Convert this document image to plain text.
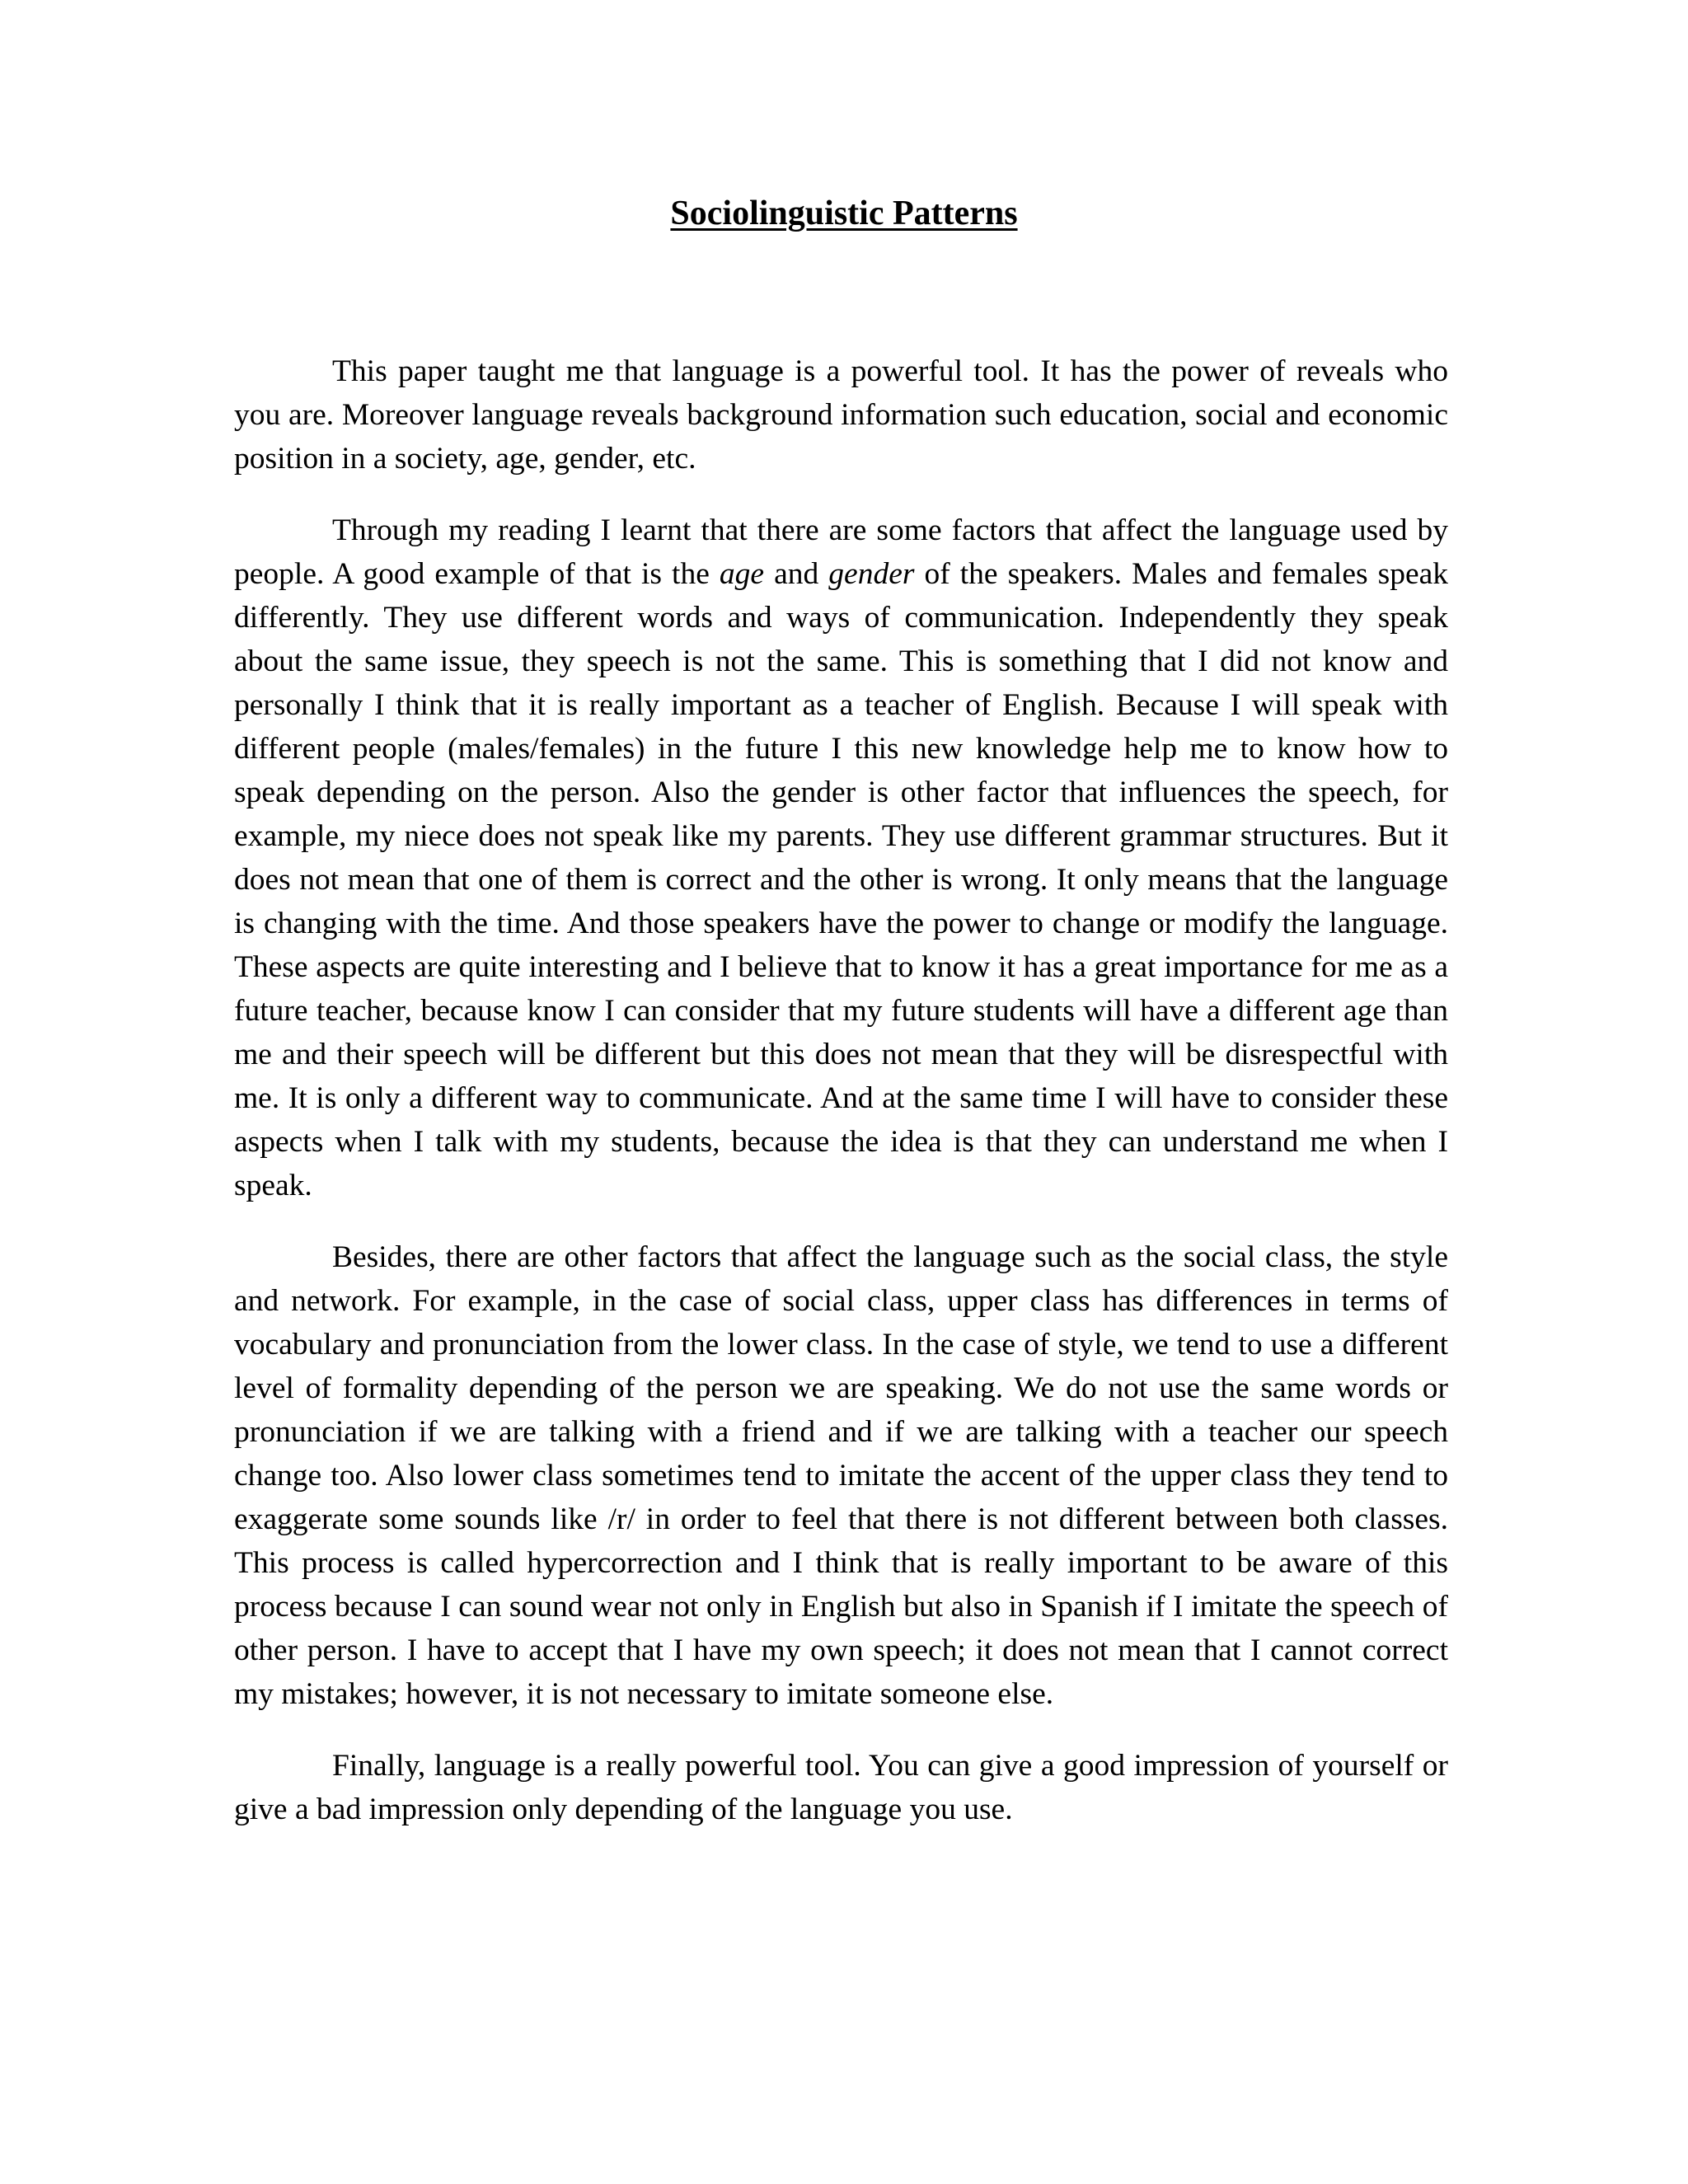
Sociolinguistic Patterns

This paper taught me that language is a powerful tool. It has the power of reveals who you are. Moreover language reveals background information such education, social and economic position in a society, age, gender, etc.

Through my reading I learnt that there are some factors that affect the language used by people. A good example of that is the age and gender of the speakers. Males and females speak differently. They use different words and ways of communication. Independently they speak about the same issue, they speech is not the same. This is something that I did not know and personally I think that it is really important as a teacher of English. Because I will speak with different people (males/females) in the future I this new knowledge help me to know how to speak depending on the person. Also the gender is other factor that influences the speech, for example, my niece does not speak like my parents. They use different grammar structures. But it does not mean that one of them is correct and the other is wrong. It only means that the language is changing with the time. And those speakers have the power to change or modify the language. These aspects are quite interesting and I believe that to know it has a great importance for me as a future teacher, because know I can consider that my future students will have a different age than me and their speech will be different but this does not mean that they will be disrespectful with me. It is only a different way to communicate. And at the same time I will have to consider these aspects when I talk with my students, because the idea is that they can understand me when I speak.

Besides, there are other factors that affect the language such as the social class, the style and network. For example, in the case of social class, upper class has differences in terms of vocabulary and pronunciation from the lower class. In the case of style, we tend to use a different level of formality depending of the person we are speaking. We do not use the same words or pronunciation if we are talking with a friend and if we are talking with a teacher our speech change too. Also lower class sometimes tend to imitate the accent of the upper class they tend to exaggerate some sounds like /r/ in order to feel that there is not different between both classes. This process is called hypercorrection and I think that is really important to be aware of this process because I can sound wear not only in English but also in Spanish if I imitate the speech of other person. I have to accept that I have my own speech; it does not mean that I cannot correct my mistakes; however, it is not necessary to imitate someone else.

Finally, language is a really powerful tool. You can give a good impression of yourself or give a bad impression only depending of the language you use.
